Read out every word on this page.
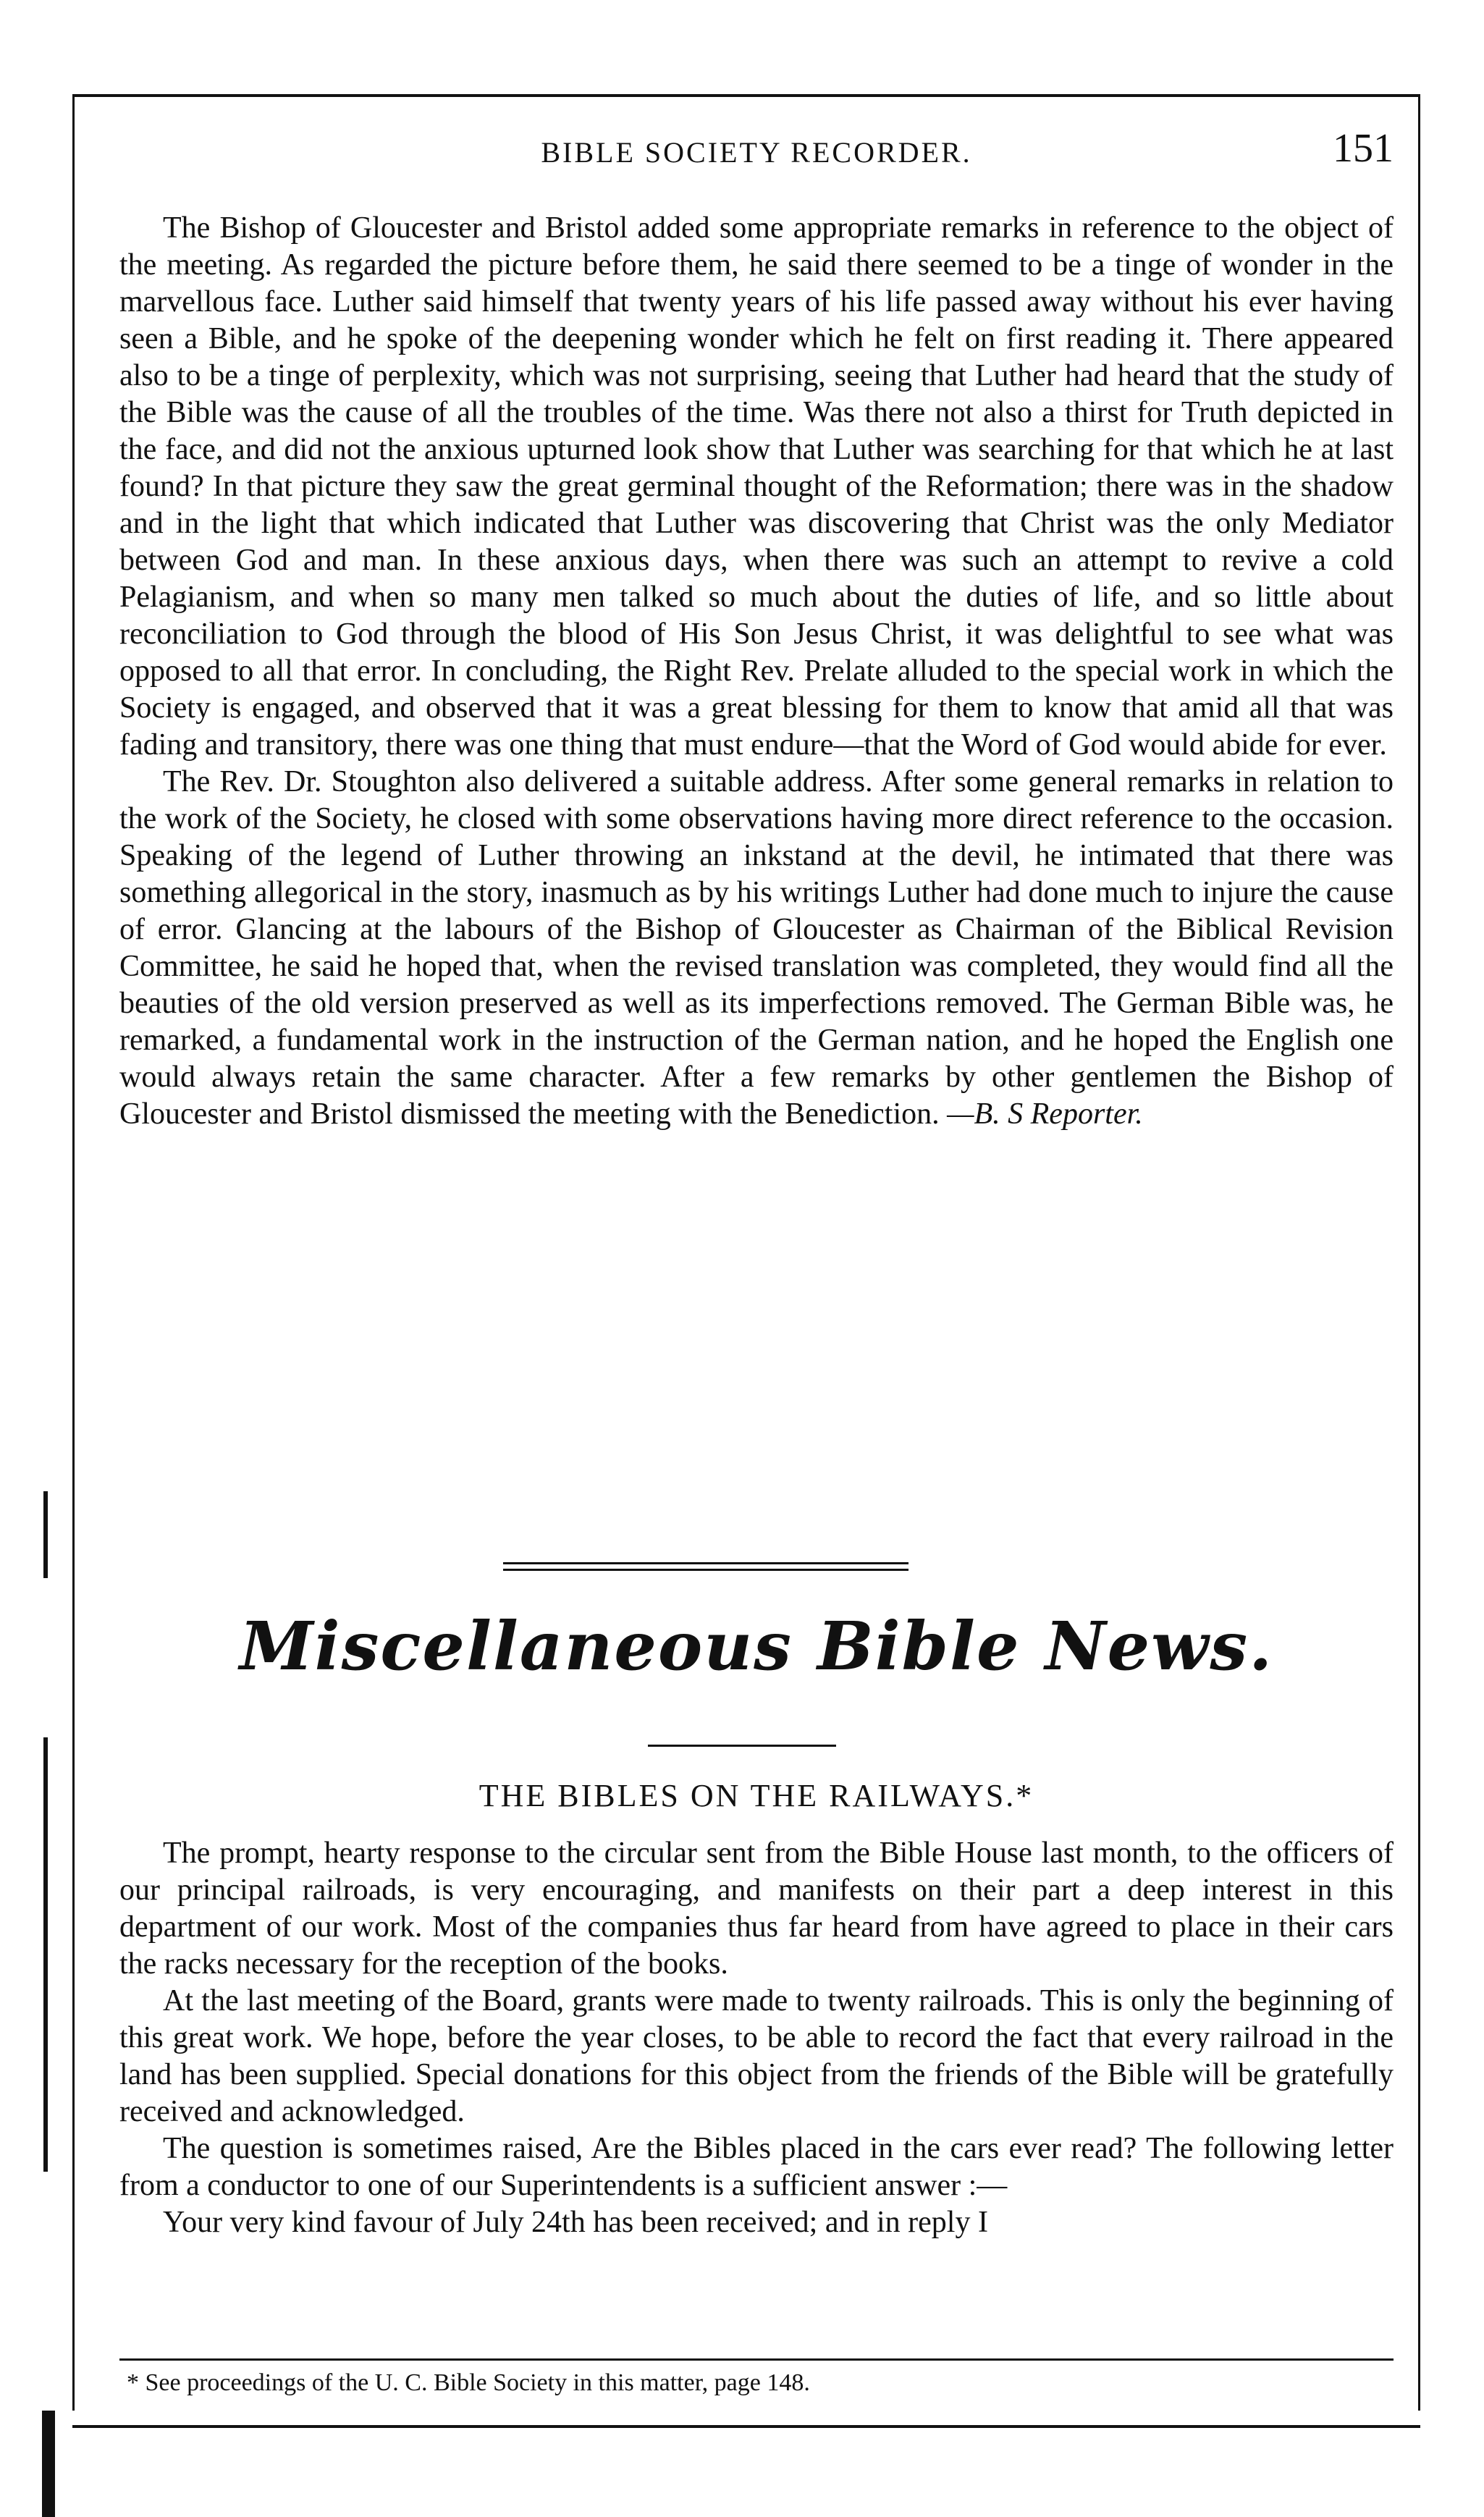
BIBLE SOCIETY RECORDER.	151

The Bishop of Gloucester and Bristol added some appropriate remarks in reference to the object of the meeting. As regarded the picture before them, he said there seemed to be a tinge of wonder in the marvellous face. Luther said himself that twenty years of his life passed away without his ever having seen a Bible, and he spoke of the deepening wonder which he felt on first reading it. There appeared also to be a tinge of perplexity, which was not surprising, seeing that Luther had heard that the study of the Bible was the cause of all the troubles of the time. Was there not also a thirst for Truth depicted in the face, and did not the anxious upturned look show that Luther was searching for that which he at last found? In that picture they saw the great germinal thought of the Reformation; there was in the shadow and in the light that which indicated that Luther was discovering that Christ was the only Mediator between God and man. In these anxious days, when there was such an attempt to revive a cold Pelagianism, and when so many men talked so much about the duties of life, and so little about reconciliation to God through the blood of His Son Jesus Christ, it was delightful to see what was opposed to all that error. In concluding, the Right Rev. Prelate alluded to the special work in which the Society is engaged, and observed that it was a great blessing for them to know that amid all that was fading and transitory, there was one thing that must endure—that the Word of God would abide for ever.

The Rev. Dr. Stoughton also delivered a suitable address. After some general remarks in relation to the work of the Society, he closed with some observations having more direct reference to the occasion. Speaking of the legend of Luther throwing an inkstand at the devil, he intimated that there was something allegorical in the story, inasmuch as by his writings Luther had done much to injure the cause of error. Glancing at the labours of the Bishop of Gloucester as Chairman of the Biblical Revision Committee, he said he hoped that, when the revised translation was completed, they would find all the beauties of the old version preserved as well as its imperfections removed. The German Bible was, he remarked, a fundamental work in the instruction of the German nation, and he hoped the English one would always retain the same character. After a few remarks by other gentlemen the Bishop of Gloucester and Bristol dismissed the meeting with the Benediction. —B. S Reporter.

Miscellaneous Bible News.
THE BIBLES ON THE RAILWAYS.*

The prompt, hearty response to the circular sent from the Bible House last month, to the officers of our principal railroads, is very encouraging, and manifests on their part a deep interest in this department of our work. Most of the companies thus far heard from have agreed to place in their cars the racks necessary for the reception of the books.

At the last meeting of the Board, grants were made to twenty railroads. This is only the beginning of this great work. We hope, before the year closes, to be able to record the fact that every railroad in the land has been supplied. Special donations for this object from the friends of the Bible will be gratefully received and acknowledged.

The question is sometimes raised, Are the Bibles placed in the cars ever read? The following letter from a conductor to one of our Superintendents is a sufficient answer :—

Your very kind favour of July 24th has been received; and in reply I

* See proceedings of the U. C. Bible Society in this matter, page 148.
